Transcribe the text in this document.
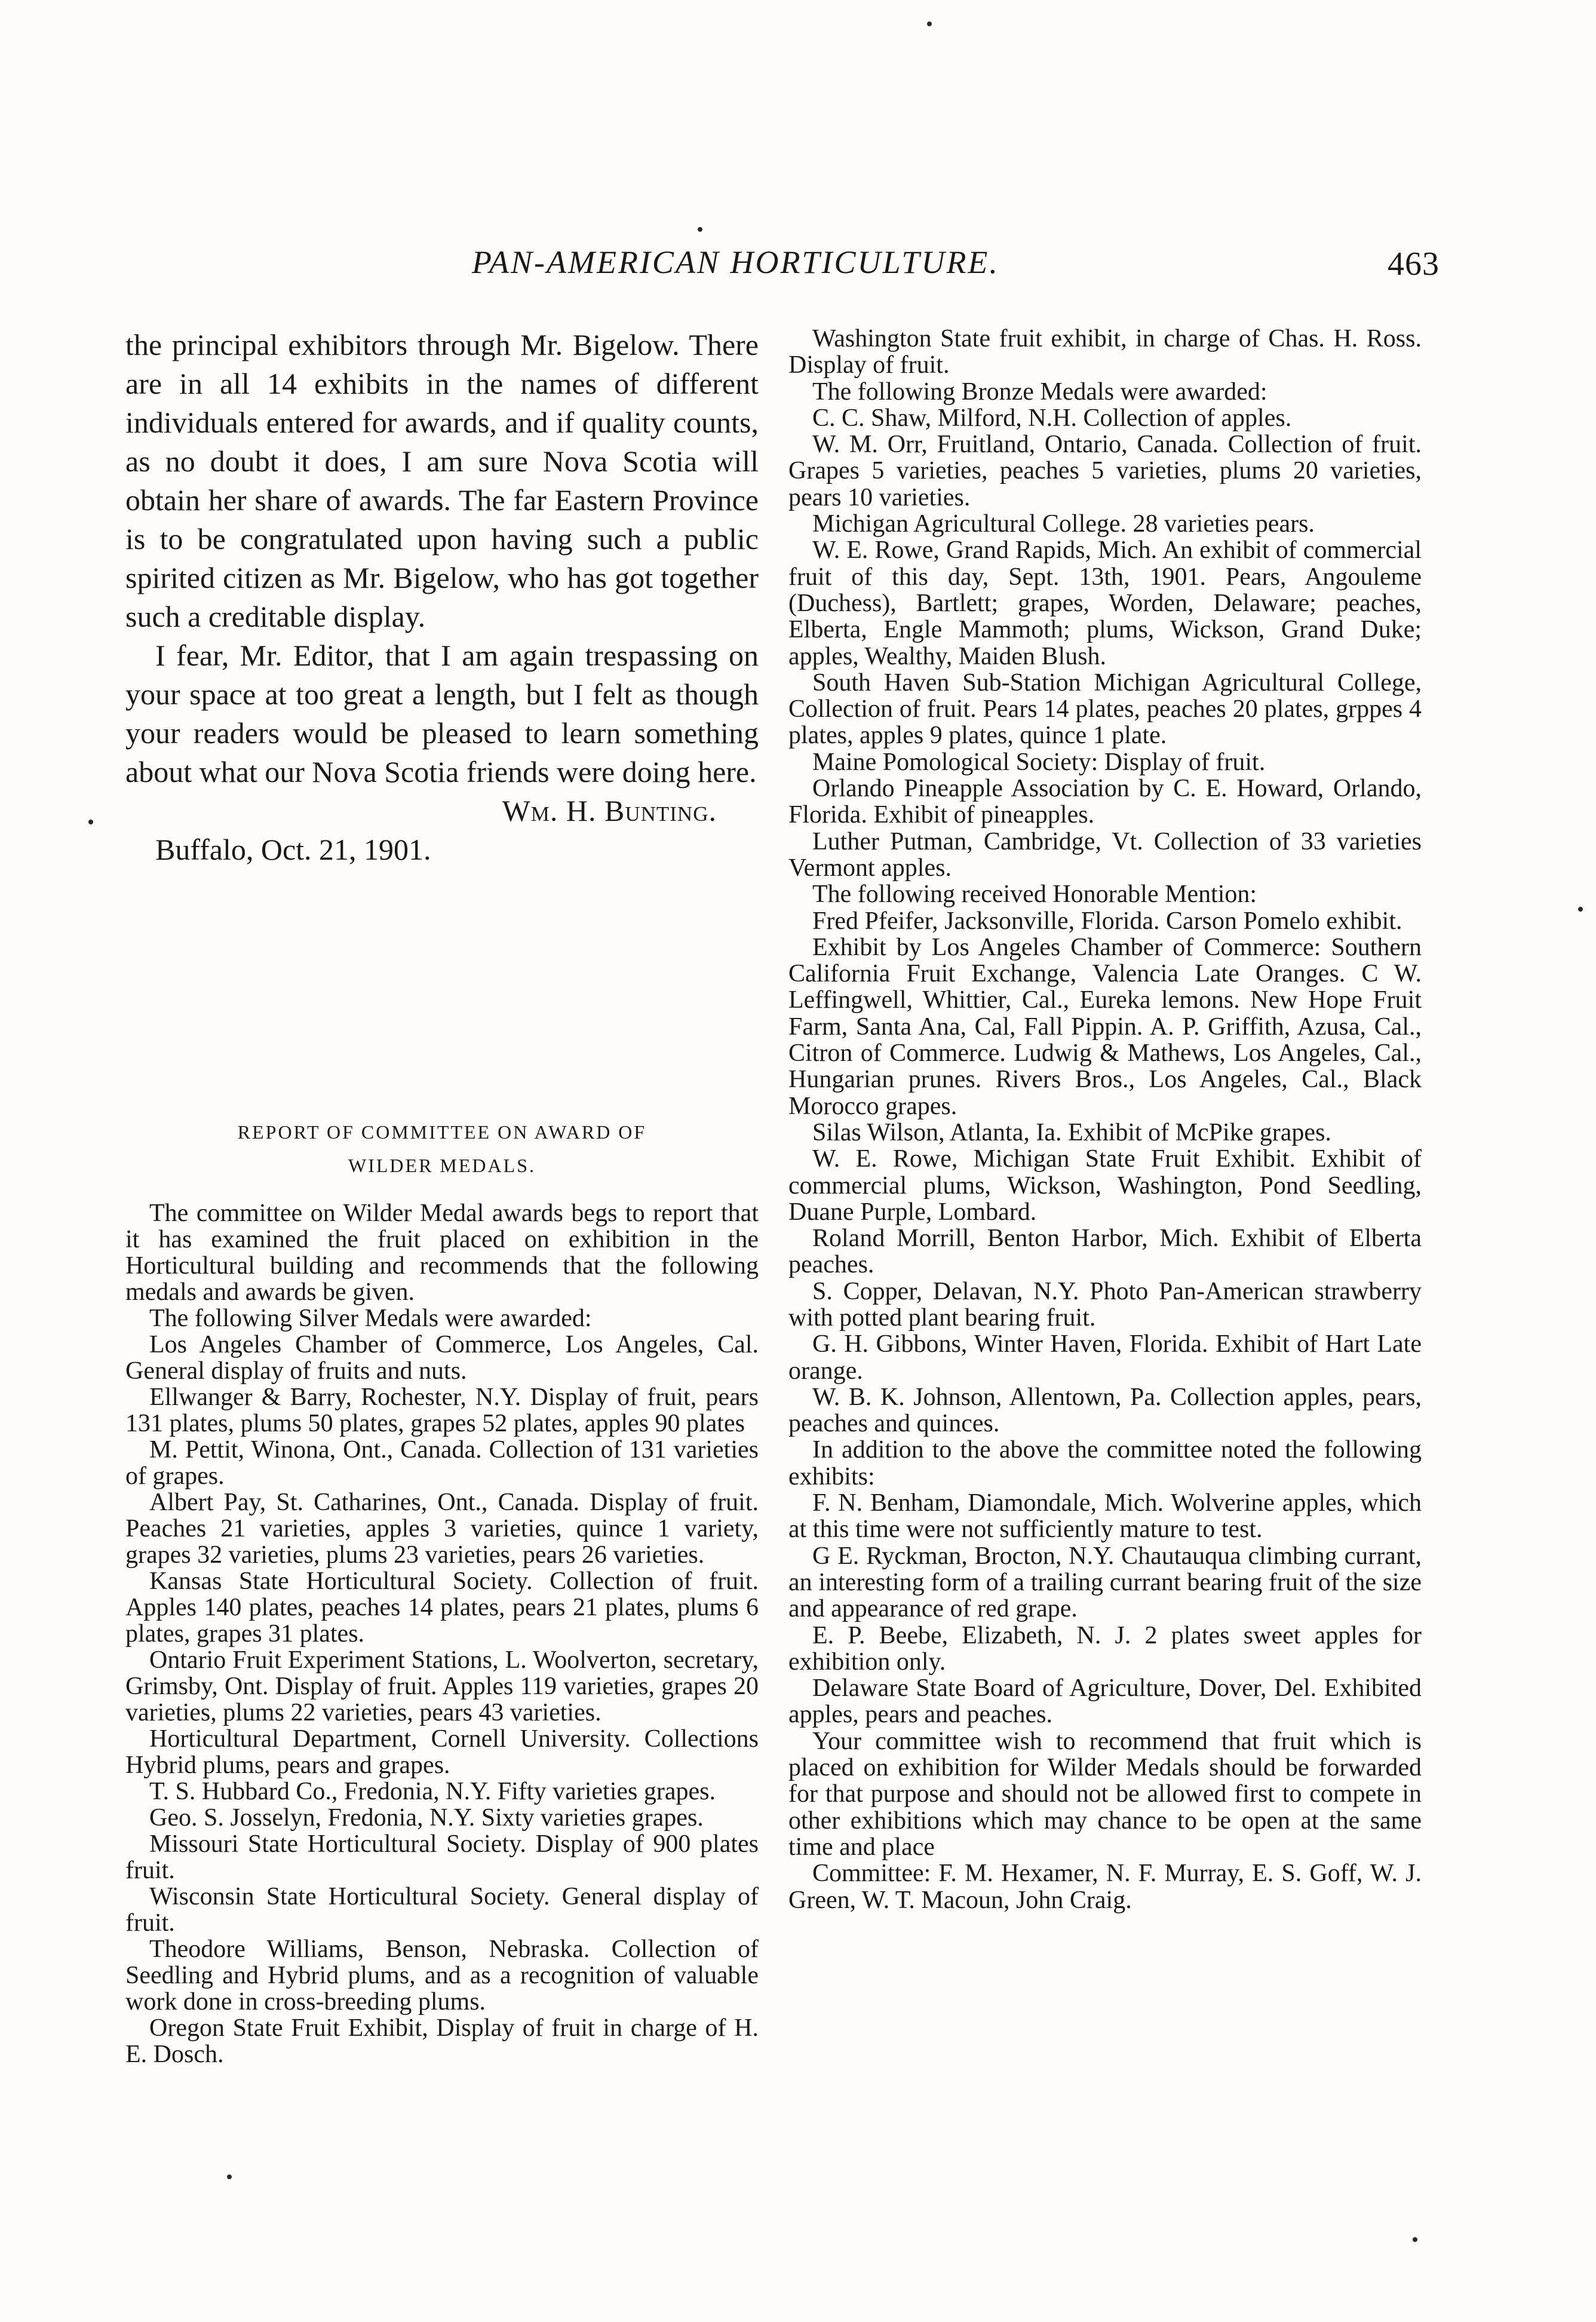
PAN-AMERICAN HORTICULTURE.	463

the principal exhibitors through Mr. Bigelow. There are in all 14 exhibits in the names of different individuals entered for awards, and if quality counts, as no doubt it does, I am sure Nova Scotia will obtain her share of awards. The far Eastern Province is to be congratulated upon having such a public spirited citizen as Mr. Bigelow, who has got together such a creditable display.

I fear, Mr. Editor, that I am again trespassing on your space at too great a length, but I felt as though your readers would be pleased to learn something about what our Nova Scotia friends were doing here.

Wm. H. Bunting.

Buffalo, Oct. 21, 1901.

REPORT OF COMMITTEE ON AWARD OF
WILDER MEDALS.

The committee on Wilder Medal awards begs to report that it has examined the fruit placed on exhibition in the Horticultural building and recommends that the following medals and awards be given.

The following Silver Medals were awarded:

Los Angeles Chamber of Commerce, Los Angeles, Cal. General display of fruits and nuts.

Ellwanger & Barry, Rochester, N.Y. Display of fruit, pears 131 plates, plums 50 plates, grapes 52 plates, apples 90 plates

M. Pettit, Winona, Ont., Canada. Collection of 131 varieties of grapes.

Albert Pay, St. Catharines, Ont., Canada. Display of fruit. Peaches 21 varieties, apples 3 varieties, quince 1 variety, grapes 32 varieties, plums 23 varieties, pears 26 varieties.

Kansas State Horticultural Society. Collection of fruit. Apples 140 plates, peaches 14 plates, pears 21 plates, plums 6 plates, grapes 31 plates.

Ontario Fruit Experiment Stations, L. Woolverton, secretary, Grimsby, Ont. Display of fruit. Apples 119 varieties, grapes 20 varieties, plums 22 varieties, pears 43 varieties.

Horticultural Department, Cornell University. Collections Hybrid plums, pears and grapes.

T. S. Hubbard Co., Fredonia, N.Y. Fifty varieties grapes.

Geo. S. Josselyn, Fredonia, N.Y. Sixty varieties grapes.

Missouri State Horticultural Society. Display of 900 plates fruit.

Wisconsin State Horticultural Society. General display of fruit.

Theodore Williams, Benson, Nebraska. Collection of Seedling and Hybrid plums, and as a recognition of valuable work done in cross-breeding plums.

Oregon State Fruit Exhibit, Display of fruit in charge of H. E. Dosch.

Washington State fruit exhibit, in charge of Chas. H. Ross. Display of fruit.

The following Bronze Medals were awarded:

C. C. Shaw, Milford, N.H. Collection of apples.

W. M. Orr, Fruitland, Ontario, Canada. Collection of fruit. Grapes 5 varieties, peaches 5 varieties, plums 20 varieties, pears 10 varieties.

Michigan Agricultural College. 28 varieties pears.

W. E. Rowe, Grand Rapids, Mich. An exhibit of commercial fruit of this day, Sept. 13th, 1901. Pears, Angouleme (Duchess), Bartlett; grapes, Worden, Delaware; peaches, Elberta, Engle Mammoth; plums, Wickson, Grand Duke; apples, Wealthy, Maiden Blush.

South Haven Sub-Station Michigan Agricultural College, Collection of fruit. Pears 14 plates, peaches 20 plates, grppes 4 plates, apples 9 plates, quince 1 plate.

Maine Pomological Society: Display of fruit.

Orlando Pineapple Association by C. E. Howard, Orlando, Florida. Exhibit of pineapples.

Luther Putman, Cambridge, Vt. Collection of 33 varieties Vermont apples.

The following received Honorable Mention:

Fred Pfeifer, Jacksonville, Florida. Carson Pomelo exhibit.

Exhibit by Los Angeles Chamber of Commerce: Southern California Fruit Exchange, Valencia Late Oranges. C W. Leffingwell, Whittier, Cal., Eureka lemons. New Hope Fruit Farm, Santa Ana, Cal, Fall Pippin. A. P. Griffith, Azusa, Cal., Citron of Commerce. Ludwig & Mathews, Los Angeles, Cal., Hungarian prunes. Rivers Bros., Los Angeles, Cal., Black Morocco grapes.

Silas Wilson, Atlanta, Ia. Exhibit of McPike grapes.

W. E. Rowe, Michigan State Fruit Exhibit. Exhibit of commercial plums, Wickson, Washington, Pond Seedling, Duane Purple, Lombard.

Roland Morrill, Benton Harbor, Mich. Exhibit of Elberta peaches.

S. Copper, Delavan, N.Y. Photo Pan-American strawberry with potted plant bearing fruit.

G. H. Gibbons, Winter Haven, Florida. Exhibit of Hart Late orange.

W. B. K. Johnson, Allentown, Pa. Collection apples, pears, peaches and quinces.

In addition to the above the committee noted the following exhibits:

F. N. Benham, Diamondale, Mich. Wolverine apples, which at this time were not sufficiently mature to test.

G E. Ryckman, Brocton, N.Y. Chautauqua climbing currant, an interesting form of a trailing currant bearing fruit of the size and appearance of red grape.

E. P. Beebe, Elizabeth, N. J. 2 plates sweet apples for exhibition only.

Delaware State Board of Agriculture, Dover, Del. Exhibited apples, pears and peaches.

Your committee wish to recommend that fruit which is placed on exhibition for Wilder Medals should be forwarded for that purpose and should not be allowed first to compete in other exhibitions which may chance to be open at the same time and place

Committee: F. M. Hexamer, N. F. Murray, E. S. Goff, W. J. Green, W. T. Macoun, John Craig.
